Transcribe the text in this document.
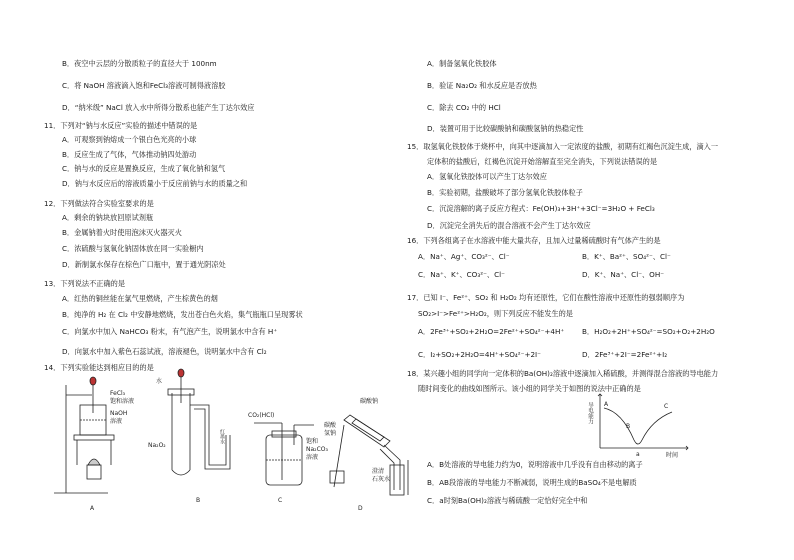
B．夜空中云层的分散质粒子的直径大于 100nm
C．将 NaOH 溶液滴入饱和FeCl₃溶液可制得液溶胶
D．“纳米级” NaCl 放入水中所得分散系也能产生丁达尔效应
11．下列对“钠与水反应”实验的描述中错误的是
A．可观察到钠熔成一个银白色光亮的小球
B．反应生成了气体，气体推动钠四处游动
C．钠与水的反应是置换反应，生成了氧化钠和氢气
D．钠与水反应后的溶液质量小于反应前钠与水的质量之和
12．下列做法符合实验室要求的是
A．剩余的钠块放回原试剂瓶
B．金属钠着火时使用泡沫灭火器灭火
C．浓硫酸与氢氧化钠固体放在同一实验橱内
D．新制氯水保存在棕色广口瓶中，置于通光阴凉处
13．下列说法不正确的是
A．红热的铜丝能在氯气里燃烧，产生棕黄色的烟
B．纯净的 H₂ 在 Cl₂ 中安静地燃烧，发出苍白色火焰，集气瓶瓶口呈现雾状
C．向氯水中加入 NaHCO₃ 粉末，有气泡产生，说明氯水中含有 H⁺
D．向氯水中加入紫色石蕊试液，溶液褪色，说明氯水中含有 Cl₂
14．下列实验能达到相应目的的是
A．制备氢氧化铁胶体
B．验证 Na₂O₂ 和水反应是否放热
C．除去 CO₂ 中的 HCl
D．装置可用于比较碳酸钠和碳酸氢钠的热稳定性
15．取氢氧化铁胶体于烧杯中，向其中逐滴加入一定浓度的盐酸，初期有红褐色沉淀生成，滴入一
定体积的盐酸后，红褐色沉淀开始溶解直至完全消失，下列说法错误的是
A．氢氧化铁胶体可以产生丁达尔效应
B．实验初期，盐酸破坏了部分氢氧化铁胶体粒子
C．沉淀溶解的离子反应方程式：Fe(OH)₃+3H⁺+3Cl⁻=3H₂O + FeCl₃
D．沉淀完全消失后的混合溶液不会产生丁达尔效应
16．下列各组离子在水溶液中能大量共存，且加入过量稀硫酸时有气体产生的是
A．Na⁺、Ag⁺、CO₃²⁻、Cl⁻	B．K⁺、Ba²⁺、SO₄²⁻、Cl⁻
C．Na⁺、K⁺、CO₃²⁻、Cl⁻	D．K⁺、Na⁺、Cl⁻、OH⁻
17．已知 I⁻、Fe²⁺、SO₂ 和 H₂O₂ 均有还原性，它们在酸性溶液中还原性的强弱顺序为
SO₂>I⁻>Fe²⁺>H₂O₂，则下列反应不能发生的是
A．2Fe³⁺+SO₂+2H₂O=2Fe²⁺+SO₄²⁻+4H⁺ B．H₂O₂+2H⁺+SO₄²⁻=SO₂+O₂+2H₂O
C．I₂+SO₂+2H₂O=4H⁺+SO₄²⁻+2I⁻	D．2Fe³⁺+2I⁻=2Fe²⁺+I₂
18．某兴趣小组的同学向一定体积的Ba(OH)₂溶液中逐滴加入稀硫酸，并测得混合溶液的导电能力
随时间变化的曲线如图所示。该小组的同学关于如图的说法中正确的是
A．B处溶液的导电能力约为0，说明溶液中几乎没有自由移动的离子
B．AB段溶液的导电能力不断减弱，说明生成的BaSO₄不是电解质
C．a时刻Ba(OH)₂溶液与稀硫酸一定恰好完全中和
A
B	C
D
FeCl₃
饱和溶液
NaOH
溶液
水
Na₂O₂
红墨水
CO₂(HCl)
饱和
Na₂CO₃
溶液
碳酸
氢钠
碳酸钠
澄清
石灰水
导电能力
时间
A
B
C
a
